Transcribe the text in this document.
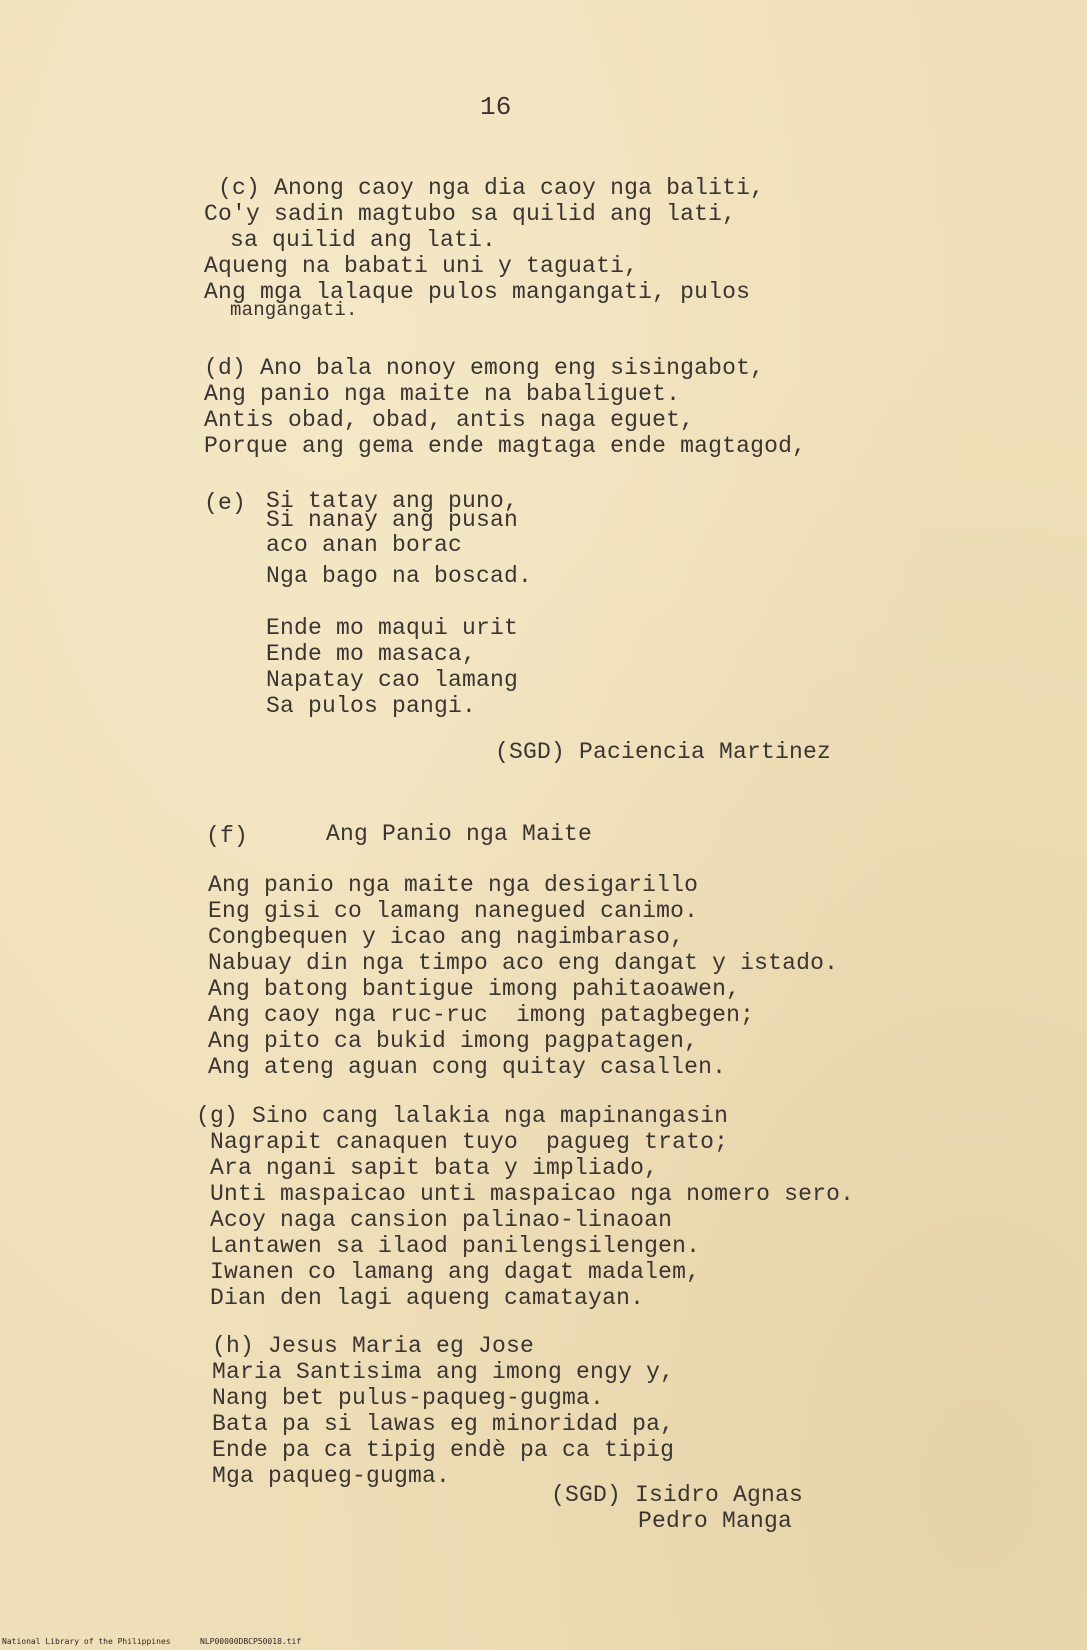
16
(c) Anong caoy nga dia caoy nga baliti,
Co'y sadin magtubo sa quilid ang lati,
sa quilid ang lati.
Aqueng na babati uni y taguati,
Ang mga lalaque pulos mangangati, pulos
mangangati.
(d) Ano bala nonoy emong eng sisingabot,
Ang panio nga maite na babaliguet.
Antis obad, obad, antis naga eguet,
Porque ang gema ende magtaga ende magtagod,
(e) Si tatay ang puno,
Si nanay ang pusan
aco anan borac
Nga bago na boscad.
Ende mo maqui urit
Ende mo masaca,
Napatay cao lamang
Sa pulos pangi.
(SGD) Paciencia Martinez
(f)	Ang Panio nga Maite
Ang panio nga maite nga desigarillo
Eng gisi co lamang nanegued canimo.
Congbequen y icao ang nagimbaraso,
Nabuay din nga timpo aco eng dangat y istado.
Ang batong bantigue imong pahitaoawen,
Ang caoy nga ruc-ruc  imong patagbegen;
Ang pito ca bukid imong pagpatagen,
Ang ateng aguan cong quitay casallen.
(g) Sino cang lalakia nga mapinangasin
Nagrapit canaquen tuyo  pagueg trato;
Ara ngani sapit bata y impliado,
Unti maspaicao unti maspaicao nga nomero sero.
Acoy naga cansion palinao-linaoan
Lantawen sa ilaod panilengsilengen.
Iwanen co lamang ang dagat madalem,
Dian den lagi aqueng camatayan.
(h) Jesus Maria eg Jose
Maria Santisima ang imong engy y,
Nang bet pulus-paqueg-gugma.
Bata pa si lawas eg minoridad pa,
Ende pa ca tipig endè pa ca tipig
Mga paqueg-gugma.
(SGD) Isidro Agnas
Pedro Manga
National Library of the Philippines	NLP00000DBCP50018.tif
